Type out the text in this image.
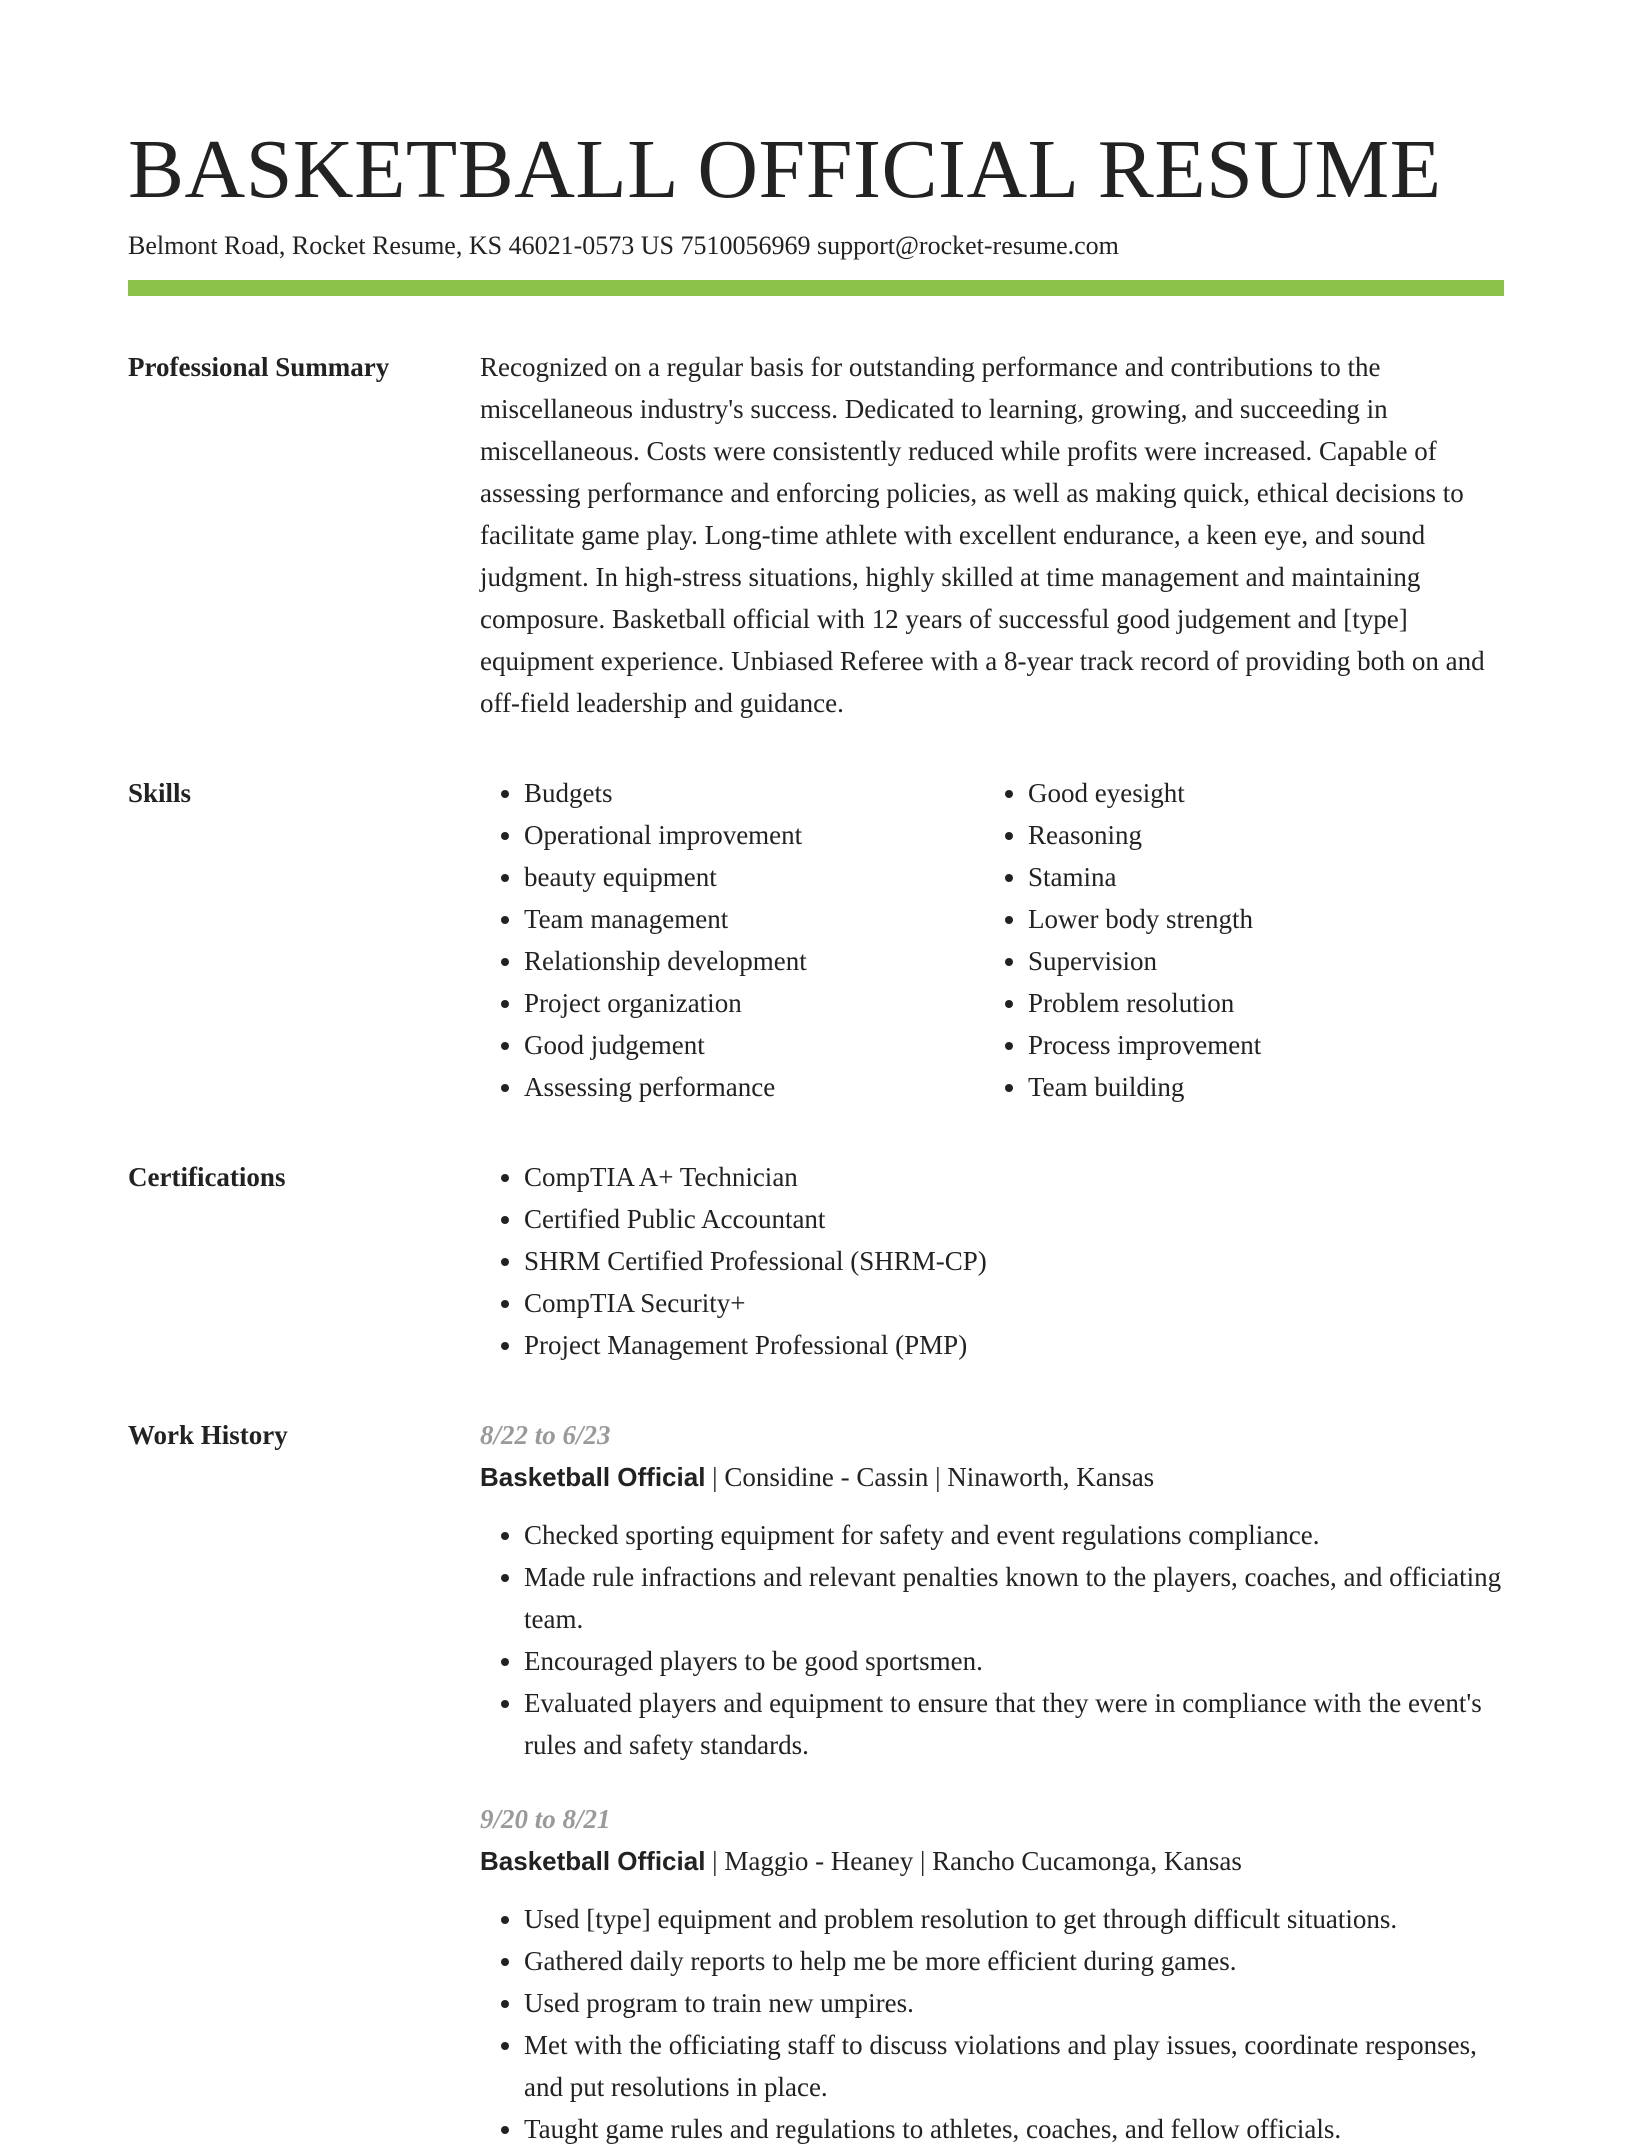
BASKETBALL OFFICIAL RESUME
Belmont Road, Rocket Resume, KS 46021-0573 US 7510056969 support@rocket-resume.com
Professional Summary	Recognized on a regular basis for outstanding performance and contributions to the miscellaneous industry's success. Dedicated to learning, growing, and succeeding in miscellaneous. Costs were consistently reduced while profits were increased. Capable of assessing performance and enforcing policies, as well as making quick, ethical decisions to facilitate game play. Long-time athlete with excellent endurance, a keen eye, and sound judgment. In high-stress situations, highly skilled at time management and maintaining composure. Basketball official with 12 years of successful good judgement and [type] equipment experience. Unbiased Referee with a 8-year track record of providing both on and off-field leadership and guidance.

Skills	• Budgets
• Operational improvement
• beauty equipment
• Team management
• Relationship development
• Project organization
• Good judgement
• Assessing performance
• Good eyesight
• Reasoning
• Stamina
• Lower body strength
• Supervision
• Problem resolution
• Process improvement
• Team building
Certifications	• CompTIA A+ Technician
• Certified Public Accountant
• SHRM Certified Professional (SHRM-CP)
• CompTIA Security+
• Project Management Professional (PMP)
Work History	8/22 to 6/23
Basketball Official | Considine - Cassin | Ninaworth, Kansas
• Checked sporting equipment for safety and event regulations compliance.
• Made rule infractions and relevant penalties known to the players, coaches, and officiating team.
• Encouraged players to be good sportsmen.
• Evaluated players and equipment to ensure that they were in compliance with the event's rules and safety standards.
9/20 to 8/21
Basketball Official | Maggio - Heaney | Rancho Cucamonga, Kansas
• Used [type] equipment and problem resolution to get through difficult situations.
• Gathered daily reports to help me be more efficient during games.
• Used program to train new umpires.
• Met with the officiating staff to discuss violations and play issues, coordinate responses, and put resolutions in place.
• Taught game rules and regulations to athletes, coaches, and fellow officials.
